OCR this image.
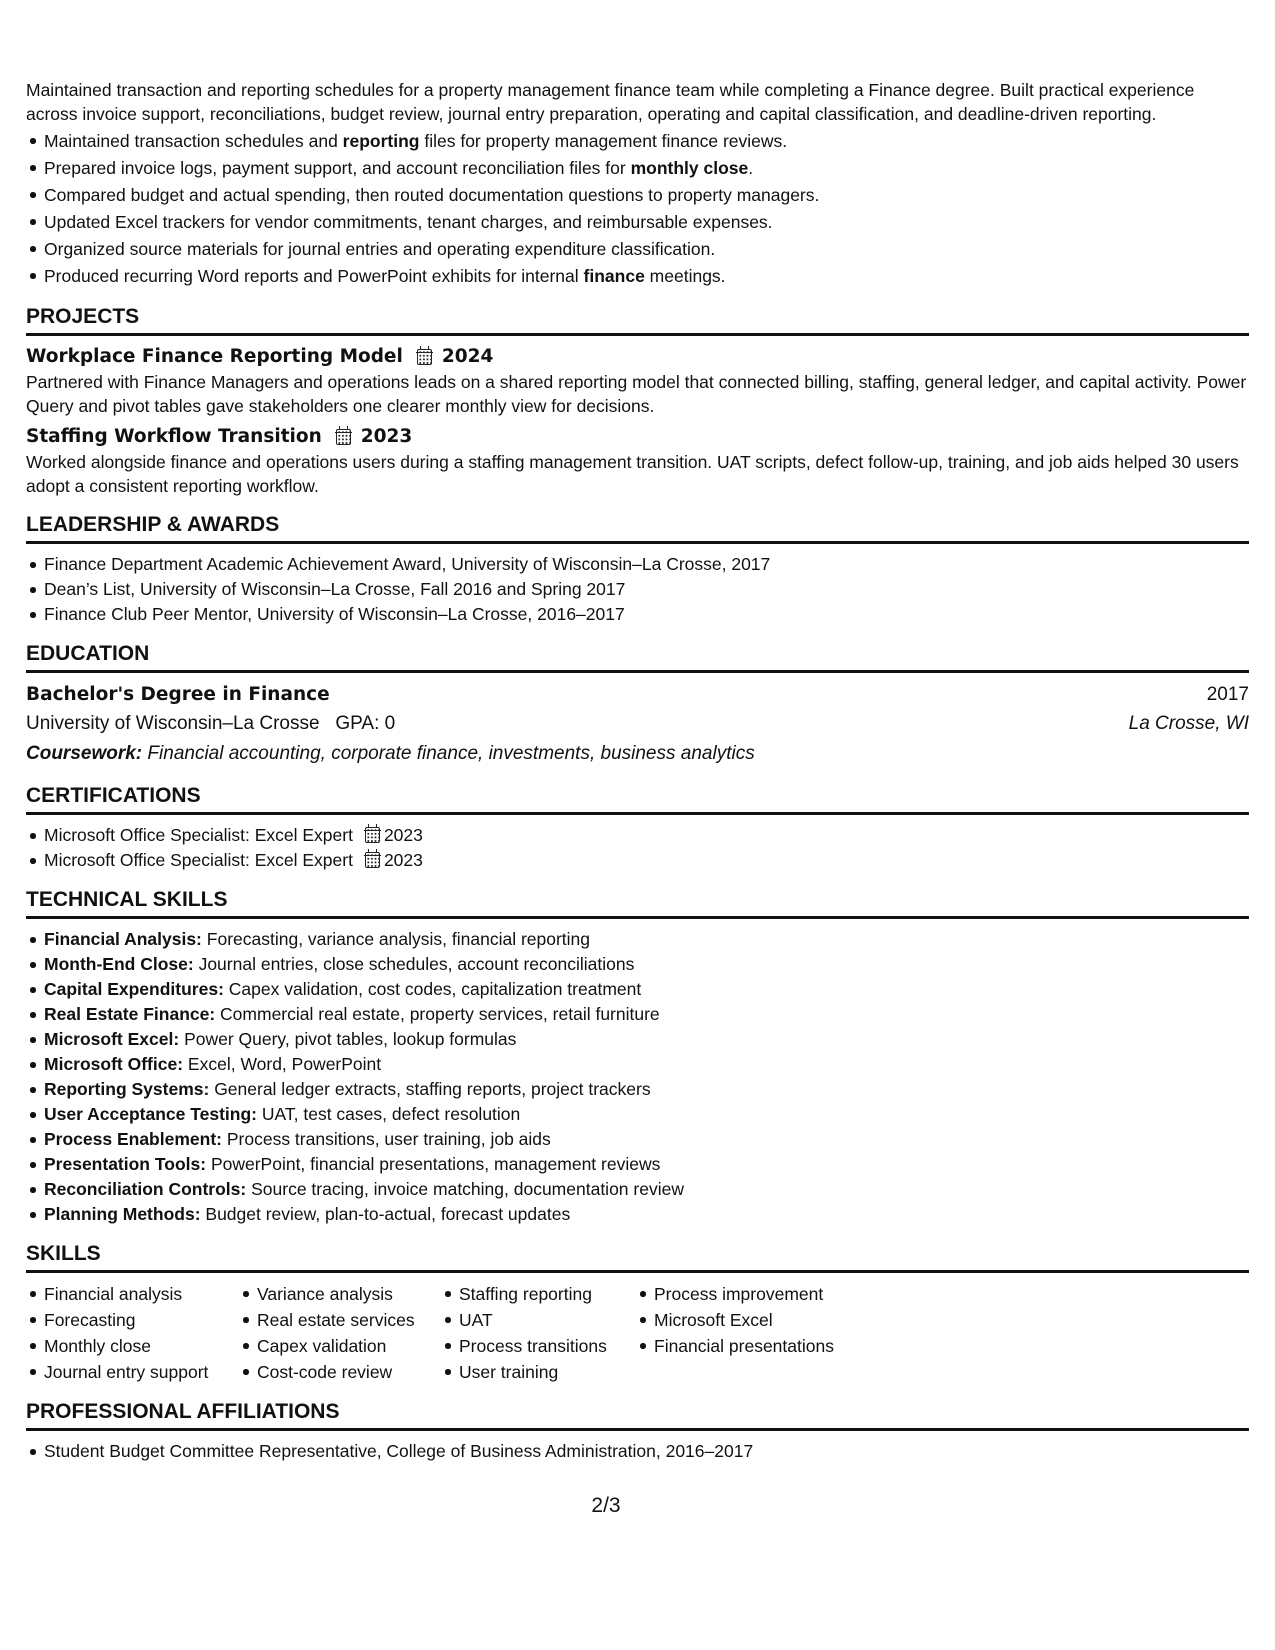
Maintained transaction and reporting schedules for a property management finance team while completing a Finance degree. Built practical experience across invoice support, reconciliations, budget review, journal entry preparation, operating and capital classification, and deadline-driven reporting.

Maintained transaction schedules and reporting files for property management finance reviews.
Prepared invoice logs, payment support, and account reconciliation files for monthly close.
Compared budget and actual spending, then routed documentation questions to property managers.
Updated Excel trackers for vendor commitments, tenant charges, and reimbursable expenses.
Organized source materials for journal entries and operating expenditure classification.
Produced recurring Word reports and PowerPoint exhibits for internal finance meetings.
PROJECTS
Workplace Finance Reporting Model 2024

Partnered with Finance Managers and operations leads on a shared reporting model that connected billing, staffing, general ledger, and capital activity. Power Query and pivot tables gave stakeholders one clearer monthly view for decisions.

Staffing Workflow Transition 2023

Worked alongside finance and operations users during a staffing management transition. UAT scripts, defect follow-up, training, and job aids helped 30 users adopt a consistent reporting workflow.

LEADERSHIP & AWARDS
Finance Department Academic Achievement Award, University of Wisconsin–La Crosse, 2017
Dean’s List, University of Wisconsin–La Crosse, Fall 2016 and Spring 2017
Finance Club Peer Mentor, University of Wisconsin–La Crosse, 2016–2017
EDUCATION
Bachelor's Degree in Finance	2017
University of Wisconsin–La Crosse GPA: 0	La Crosse, WI
Coursework: Financial accounting, corporate finance, investments, business analytics
CERTIFICATIONS
Microsoft Office Specialist: Excel Expert 2023
Microsoft Office Specialist: Excel Expert 2023
TECHNICAL SKILLS
Financial Analysis: Forecasting, variance analysis, financial reporting
Month-End Close: Journal entries, close schedules, account reconciliations
Capital Expenditures: Capex validation, cost codes, capitalization treatment
Real Estate Finance: Commercial real estate, property services, retail furniture
Microsoft Excel: Power Query, pivot tables, lookup formulas
Microsoft Office: Excel, Word, PowerPoint
Reporting Systems: General ledger extracts, staffing reports, project trackers
User Acceptance Testing: UAT, test cases, defect resolution
Process Enablement: Process transitions, user training, job aids
Presentation Tools: PowerPoint, financial presentations, management reviews
Reconciliation Controls: Source tracing, invoice matching, documentation review
Planning Methods: Budget review, plan-to-actual, forecast updates
SKILLS
Financial analysis
Forecasting
Monthly close
Journal entry support
Variance analysis
Real estate services
Capex validation
Cost-code review
Staffing reporting
UAT
Process transitions
User training
Process improvement
Microsoft Excel
Financial presentations
PROFESSIONAL AFFILIATIONS
Student Budget Committee Representative, College of Business Administration, 2016–2017
2/3
